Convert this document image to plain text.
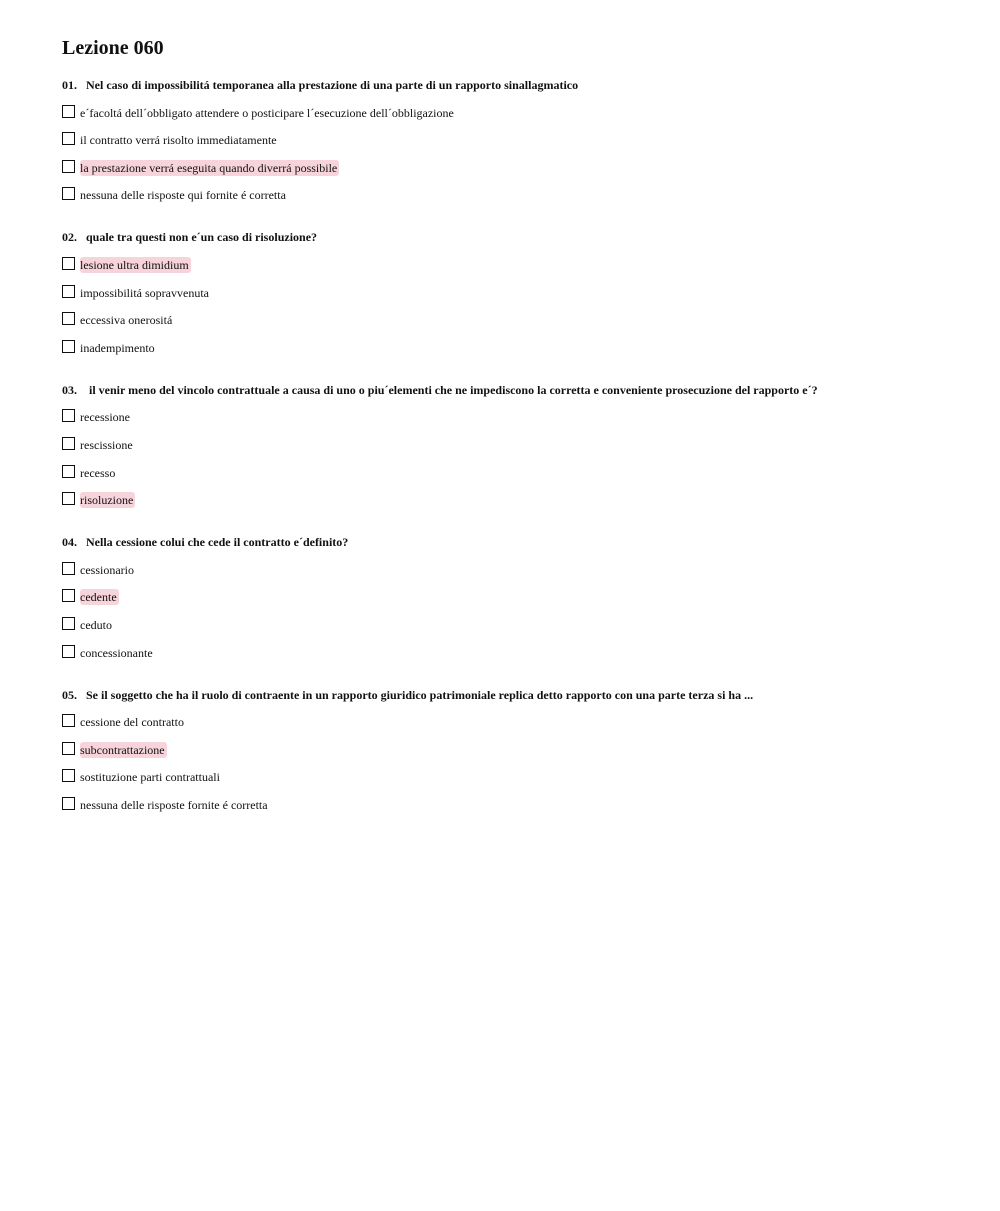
Lezione 060
01. Nel caso di impossibilitá temporanea alla prestazione di una parte di un rapporto sinallagmatico
e´facoltá dell´obbligato attendere o posticipare l´esecuzione dell´obbligazione
il contratto verrá risolto immediatamente
la prestazione verrá eseguita quando diverrá possibile
nessuna delle risposte qui fornite é corretta
02. quale tra questi non e´un caso di risoluzione?
lesione ultra dimidium
impossibilitá sopravvenuta
eccessiva onerositá
inadempimento
03. il venir meno del vincolo contrattuale a causa di uno o piu´elementi che ne impediscono la corretta e conveniente prosecuzione del rapporto e´?
recessione
rescissione
recesso
risoluzione
04. Nella cessione colui che cede il contratto e´definito?
cessionario
cedente
ceduto
concessionante
05. Se il soggetto che ha il ruolo di contraente in un rapporto giuridico patrimoniale replica detto rapporto con una parte terza si ha ...
cessione del contratto
subcontrattazione
sostituzione parti contrattuali
nessuna delle risposte fornite é corretta
